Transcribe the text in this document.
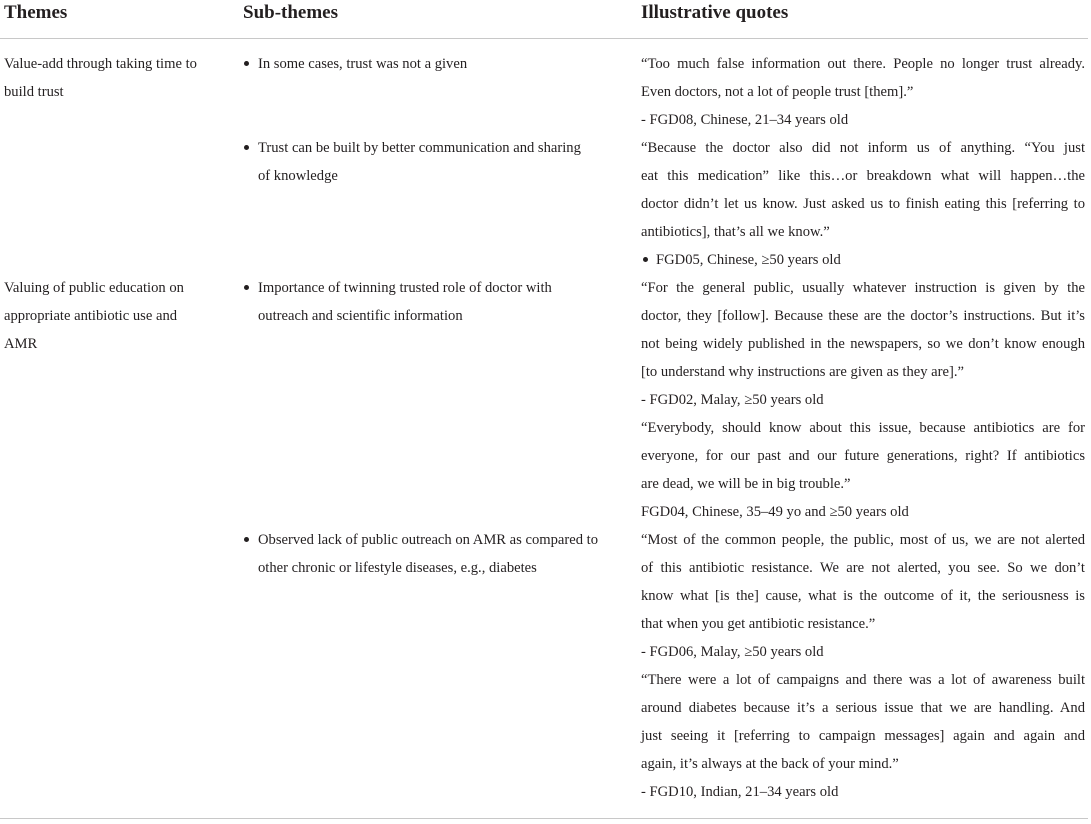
Themes	Sub-themes	Illustrative quotes
Value-add through taking time to
build trust
Valuing of public education on
appropriate antibiotic use and
AMR
In some cases, trust was not a given
Trust can be built by better communication and sharing
of knowledge
Importance of twinning trusted role of doctor with
outreach and scientific information
Observed lack of public outreach on AMR as compared to
other chronic or lifestyle diseases, e.g., diabetes
“Too much false information out there. People no longer trust already.
Even doctors, not a lot of people trust [them].”
- FGD08, Chinese, 21–34 years old
“Because the doctor also did not inform us of anything. “You just
eat this medication” like this…or breakdown what will happen…the
doctor didn’t let us know. Just asked us to finish eating this [referring to
antibiotics], that’s all we know.”
FGD05, Chinese, ≥50 years old
“For the general public, usually whatever instruction is given by the
doctor, they [follow]. Because these are the doctor’s instructions. But it’s
not being widely published in the newspapers, so we don’t know enough
[to understand why instructions are given as they are].”
- FGD02, Malay, ≥50 years old
“Everybody, should know about this issue, because antibiotics are for
everyone, for our past and our future generations, right? If antibiotics
are dead, we will be in big trouble.”
FGD04, Chinese, 35–49 yo and ≥50 years old
“Most of the common people, the public, most of us, we are not alerted
of this antibiotic resistance. We are not alerted, you see. So we don’t
know what [is the] cause, what is the outcome of it, the seriousness is
that when you get antibiotic resistance.”
- FGD06, Malay, ≥50 years old
“There were a lot of campaigns and there was a lot of awareness built
around diabetes because it’s a serious issue that we are handling. And
just seeing it [referring to campaign messages] again and again and
again, it’s always at the back of your mind.”
- FGD10, Indian, 21–34 years old
